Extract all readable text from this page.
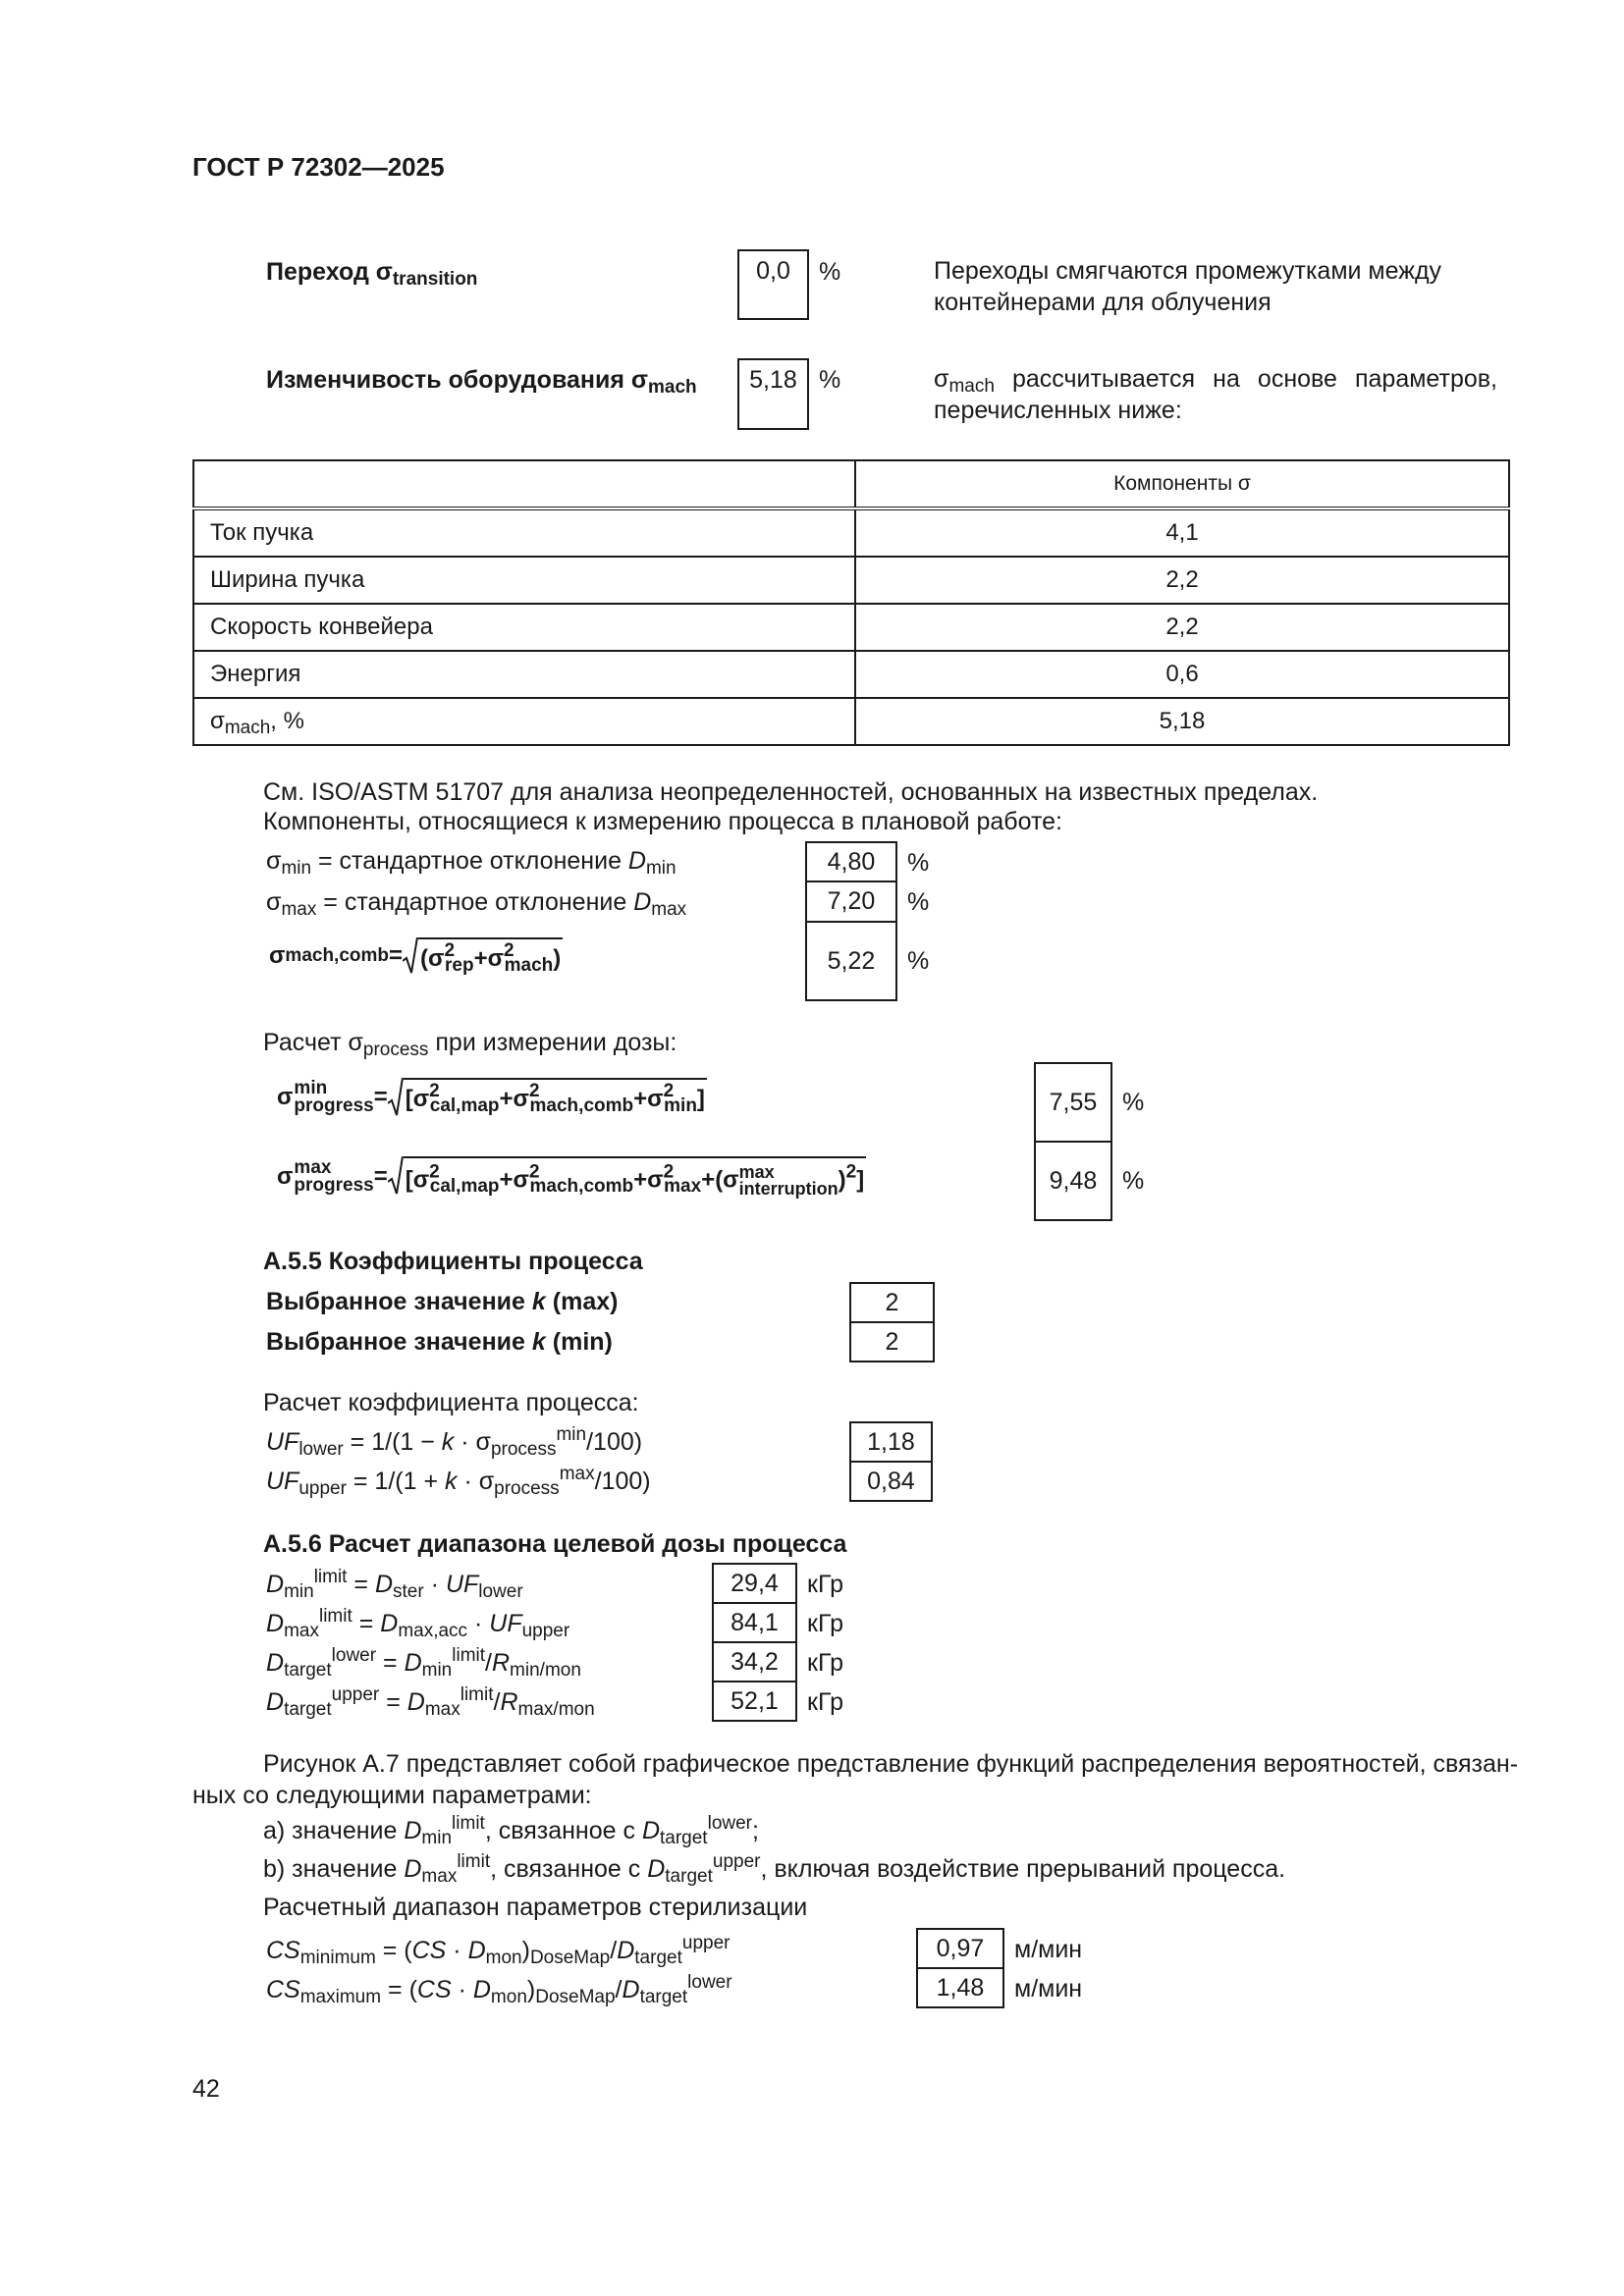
ГОСТ Р 72302—2025
Переход $\sigma_{transition}$	0,0 %	Переходы смягчаются промежутками между контейнерами для облучения
Изменчивость оборудования $\sigma_{mach}$ 5,18 %	$\sigma_{mach}$ рассчитывается на основе параметров, перечисленных ниже:
	Компоненты σ
Ток пучка	4,1
Ширина пучка	2,2
Скорость конвейера	2,2
Энергия	0,6
$\sigma_{mach}$, %	5,18
См. ISO/ASTM 51707 для анализа неопределенностей, основанных на известных пределах.
Компоненты, относящиеся к измерению процесса в плановой работе:
$\sigma_{min}$ = стандартное отклонение $D_{min}$	4,80 %
$\sigma_{max}$ = стандартное отклонение $D_{max}$	7,20 %
σ mach,comb = $(\sigma^2_{rep}+\sigma^2_{mach})$	5,22 %
Расчет $\sigma_{process}$ при измерении дозы:
σ min
progress = $[\sigma^2_{cal,map}+\sigma^2_{mach,comb}+\sigma^2_{min}]$	7,55 %
σ max
progress = [$\sigma^2_{cal,map}+\sigma^2_{mach,comb}+\sigma^2_{max}+(\sigma$ max
interruption )$^2$]	9,48 %
А.5.5 Коэффициенты процесса
Выбранное значение k (max)	2
Выбранное значение k (min)	2
Расчет коэффициента процесса:
$UF_{lower} = 1/(1 - k \cdot \sigma_{process}^{min}/100)$	1,18
$UF_{upper} = 1/(1 + k \cdot \sigma_{process}^{max}/100)$	0,84
А.5.6 Расчет диапазона целевой дозы процесса
$D_{min}^{limit} = D_{ster} \cdot UF_{lower}$	29,4 кГр
$D_{max}^{limit} = D_{max,acc} \cdot UF_{upper}$	84,1 кГр
$D_{target}^{lower} = D_{min}^{limit}/R_{min/mon}$	34,2 кГр
$D_{target}^{upper} = D_{max}^{limit}/R_{max/mon}$	52,1 кГр
Рисунок А.7 представляет собой графическое представление функций распределения вероятностей, связан-
ных со следующими параметрами:
a) значение $D_{min}^{limit}$, связанное с $D_{target}^{lower}$;
b) значение $D_{max}^{limit}$, связанное с $D_{target}^{upper}$, включая воздействие прерываний процесса.
Расчетный диапазон параметров стерилизации
$CS_{minimum} = (CS \cdot D_{mon})_{DoseMap}/D_{target}^{upper}$	0,97 м/мин
$CS_{maximum} = (CS \cdot D_{mon})_{DoseMap}/D_{target}^{lower}$	1,48 м/мин
42
